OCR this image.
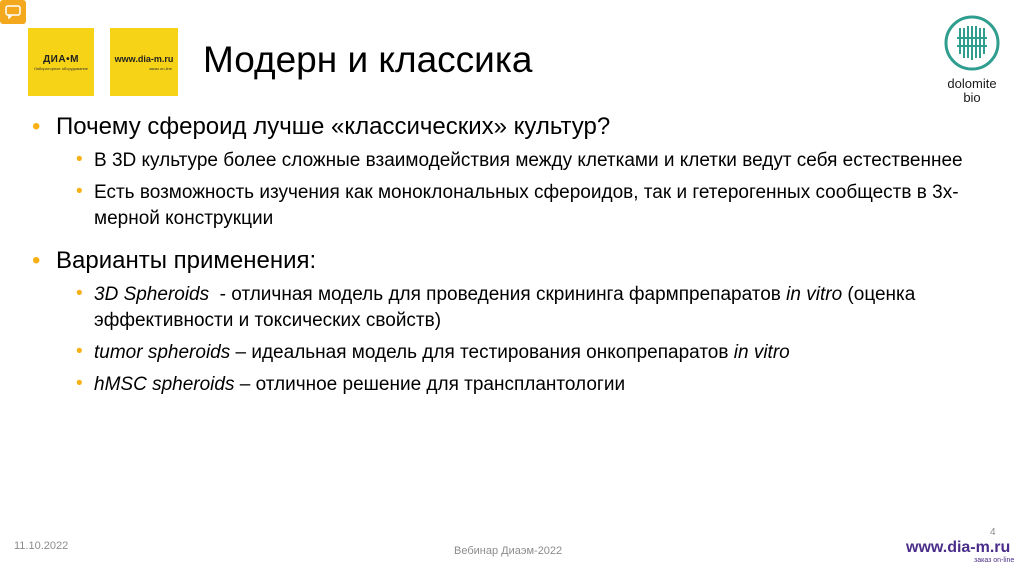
ДИА•М
Лабораторное оборудование
www.dia-m.ru
заказ on-line Модерн и классика
dolomite
bio

• Почему сфероид лучше «классических» культур?

• В 3D культуре более сложные взаимодействия между клетками и клетки ведут себя естественнее

• Есть возможность изучения как моноклональных сфероидов, так и гетерогенных сообществ в 3х-мерной конструкции

• Варианты применения:

• 3D Spheroids  - отличная модель для проведения скрининга фармпрепаратов in vitro (оценка эффективности и токсических свойств)

• tumor spheroids – идеальная модель для тестирования онкопрепаратов in vitro

• hMSC spheroids – отличное решение для трансплантологии

11.10.2022	Вебинар Диаэм-2022
4
www.dia-m.ru
заказ on-line
